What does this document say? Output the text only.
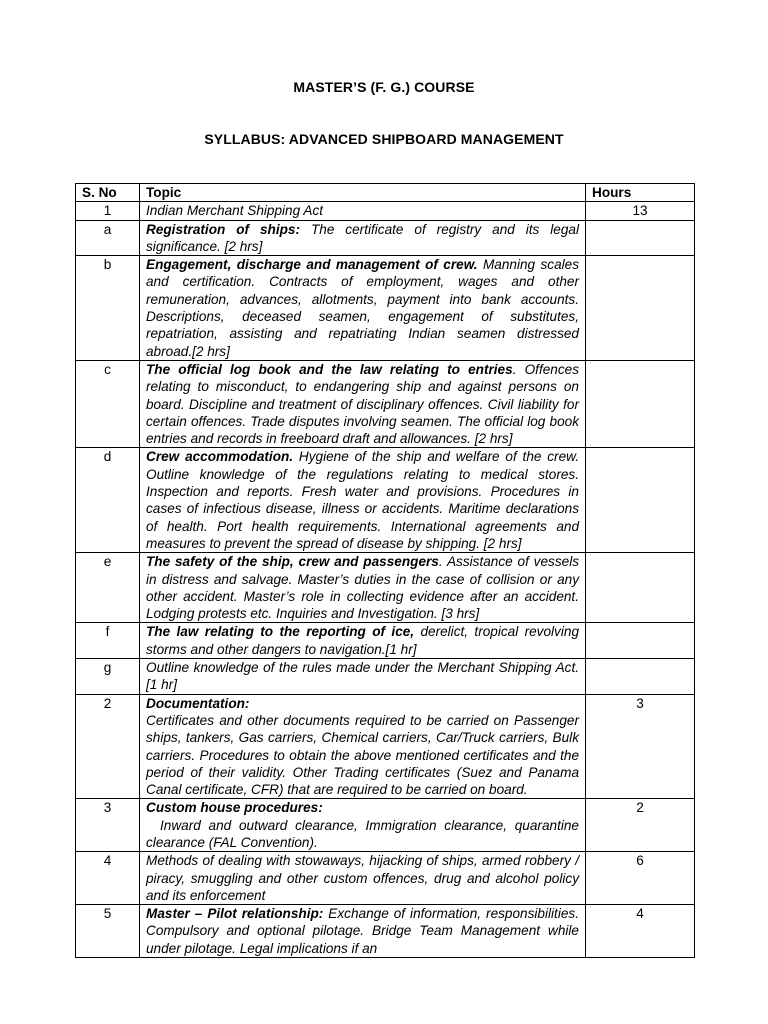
MASTER’S (F. G.) COURSE
SYLLABUS: ADVANCED SHIPBOARD MANAGEMENT
S. No	Topic	Hours
1	Indian Merchant Shipping Act	13
a	Registration of ships: The certificate of registry and its legal significance. [2 hrs]	
b	Engagement, discharge and management of crew. Manning scales and certification. Contracts of employment, wages and other remuneration, advances, allotments, payment into bank accounts. Descriptions, deceased seamen, engagement of substitutes, repatriation, assisting and repatriating Indian seamen distressed abroad.[2 hrs]	
c	The official log book and the law relating to entries. Offences relating to misconduct, to endangering ship and against persons on board. Discipline and treatment of disciplinary offences. Civil liability for certain offences. Trade disputes involving seamen. The official log book entries and records in freeboard draft and allowances. [2 hrs]	
d	Crew accommodation. Hygiene of the ship and welfare of the crew. Outline knowledge of the regulations relating to medical stores. Inspection and reports. Fresh water and provisions. Procedures in cases of infectious disease, illness or accidents. Maritime declarations of health. Port health requirements. International agreements and measures to prevent the spread of disease by shipping. [2 hrs]	
e	The safety of the ship, crew and passengers. Assistance of vessels in distress and salvage. Master’s duties in the case of collision or any other accident. Master’s role in collecting evidence after an accident. Lodging protests etc. Inquiries and Investigation. [3 hrs]	
f	The law relating to the reporting of ice, derelict, tropical revolving storms and other dangers to navigation.[1 hr]	
g	Outline knowledge of the rules made under the Merchant Shipping Act.[1 hr]	
2	Documentation:
Certificates and other documents required to be carried on Passenger ships, tankers, Gas carriers, Chemical carriers, Car/Truck carriers, Bulk carriers. Procedures to obtain the above mentioned certificates and the period of their validity. Other Trading certificates (Suez and Panama Canal certificate, CFR) that are required to be carried on board.	3
3	Custom house procedures:
Inward and outward clearance, Immigration clearance, quarantine clearance (FAL Convention).	2
4	Methods of dealing with stowaways, hijacking of ships, armed robbery / piracy, smuggling and other custom offences, drug and alcohol policy and its enforcement	6
5	Master – Pilot relationship: Exchange of information, responsibilities. Compulsory and optional pilotage. Bridge Team Management while under pilotage. Legal implications if an	4
